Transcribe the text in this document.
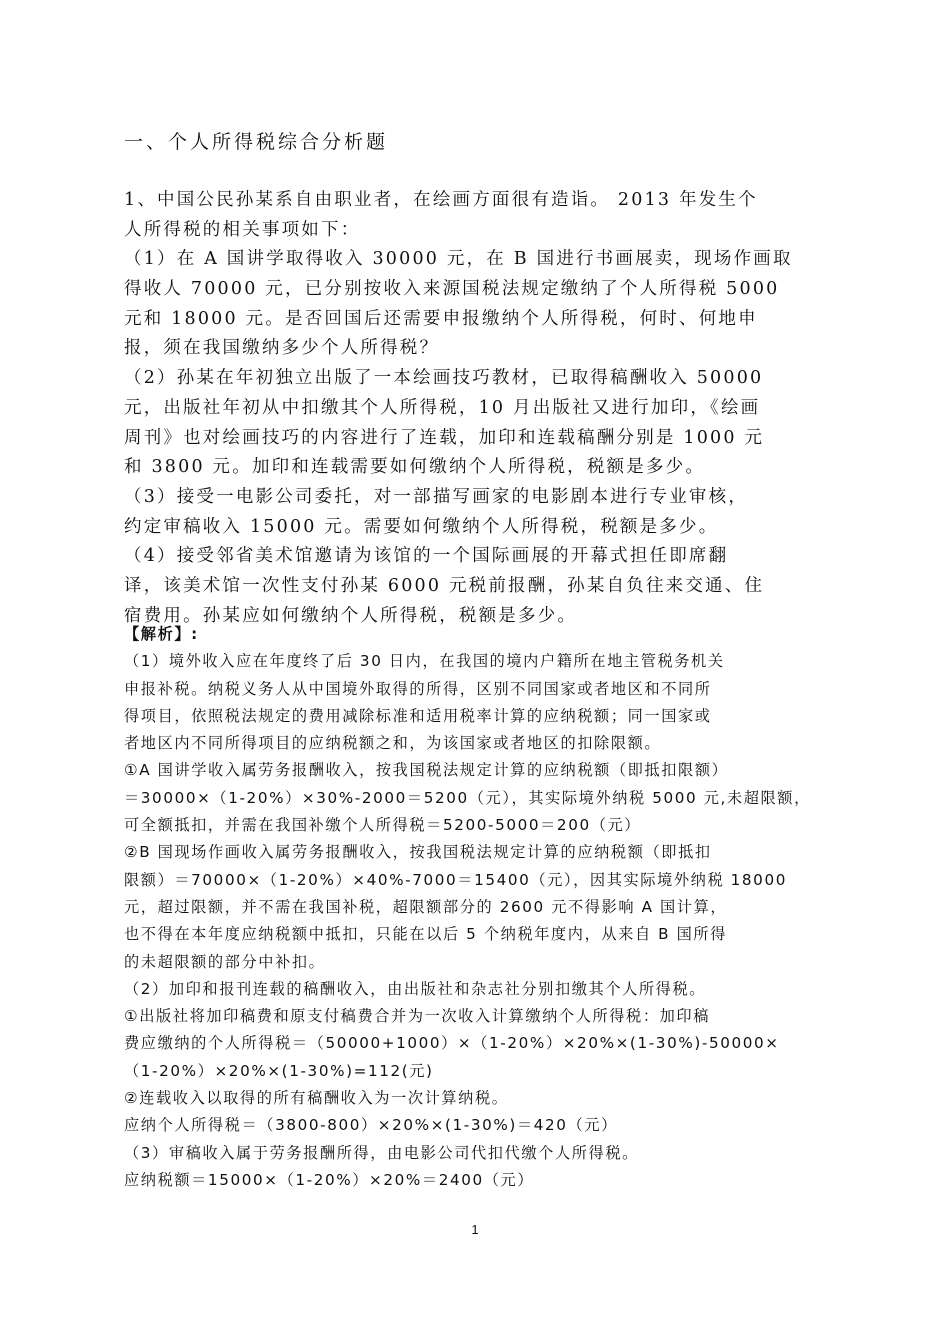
一、个人所得税综合分析题
1、中国公民孙某系自由职业者，在绘画方面很有造诣。 2013 年发生个
人所得税的相关事项如下：
（1）在 A 国讲学取得收入 30000 元，在 B 国进行书画展卖，现场作画取
得收人 70000 元，已分别按收入来源国税法规定缴纳了个人所得税 5000
元和 18000 元。是否回国后还需要申报缴纳个人所得税，何时、何地申
报，须在我国缴纳多少个人所得税？
（2）孙某在年初独立出版了一本绘画技巧教材，已取得稿酬收入 50000
元，出版社年初从中扣缴其个人所得税，10 月出版社又进行加印，《绘画
周刊》也对绘画技巧的内容进行了连载，加印和连载稿酬分别是 1000 元
和 3800 元。加印和连载需要如何缴纳个人所得税，税额是多少。
（3）接受一电影公司委托，对一部描写画家的电影剧本进行专业审核，
约定审稿收入 15000 元。需要如何缴纳个人所得税，税额是多少。
（4）接受邻省美术馆邀请为该馆的一个国际画展的开幕式担任即席翻
译，该美术馆一次性支付孙某 6000 元税前报酬，孙某自负往来交通、住
宿费用。孙某应如何缴纳个人所得税，税额是多少。
【解析】:
（1）境外收入应在年度终了后 30 日内，在我国的境内户籍所在地主管税务机关
申报补税。纳税义务人从中国境外取得的所得，区别不同国家或者地区和不同所
得项目，依照税法规定的费用减除标准和适用税率计算的应纳税额；同一国家或
者地区内不同所得项目的应纳税额之和，为该国家或者地区的扣除限额。
①A 国讲学收入属劳务报酬收入，按我国税法规定计算的应纳税额（即抵扣限额）
＝30000×（1-20%）×30%-2000＝5200（元），其实际境外纳税 5000 元,未超限额，
可全额抵扣，并需在我国补缴个人所得税＝5200-5000＝200（元）
②B 国现场作画收入属劳务报酬收入，按我国税法规定计算的应纳税额（即抵扣
限额）＝70000×（1-20%）×40%-7000＝15400（元），因其实际境外纳税 18000
元，超过限额，并不需在我国补税，超限额部分的 2600 元不得影响 A 国计算，
也不得在本年度应纳税额中抵扣，只能在以后 5 个纳税年度内，从来自 B 国所得
的未超限额的部分中补扣。
（2）加印和报刊连载的稿酬收入，由出版社和杂志社分别扣缴其个人所得税。
①出版社将加印稿费和原支付稿费合并为一次收入计算缴纳个人所得税：加印稿
费应缴纳的个人所得税＝（50000+1000）×（1-20%）×20%×(1-30%)-50000×
（1-20%）×20%×(1-30%)=112(元)
②连载收入以取得的所有稿酬收入为一次计算纳税。
应纳个人所得税＝（3800-800）×20%×(1-30%)＝420（元）
（3）审稿收入属于劳务报酬所得，由电影公司代扣代缴个人所得税。
应纳税额＝15000×（1-20%）×20%＝2400（元）
1
